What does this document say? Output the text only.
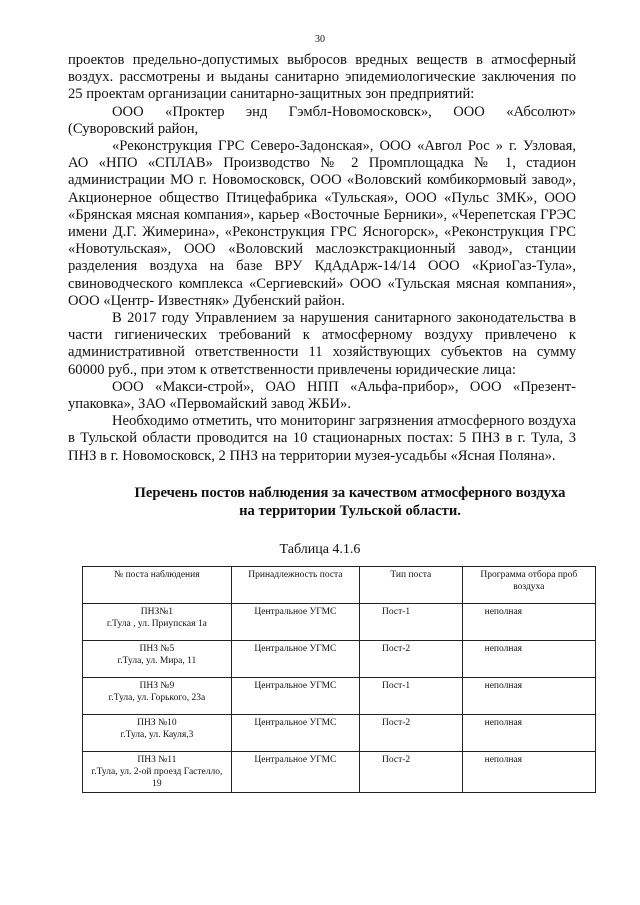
30

проектов предельно-допустимых выбросов вредных веществ в атмосферный воздух. рассмотрены и выданы санитарно эпидемиологические заключения по 25 проектам организации санитарно-защитных зон предприятий:

ООО «Проктер энд Гэмбл-Новомосковск», ООО «Абсолют» (Суворовский район,

«Реконструкция ГРС Северо-Задонская», ООО «Авгол Рос » г. Узловая, АО «НПО «СПЛАВ» Производство № 2 Промплощадка № 1, стадион администрации МО г. Новомосковск, ООО «Воловский комбикормовый завод», Акционерное общество Птицефабрика «Тульская», ООО «Пульс ЗМК», ООО «Брянская мясная компания», карьер «Восточные Берники», «Черепетская ГРЭС имени Д.Г. Жимерина», «Реконструкция ГРС Ясногорск», «Реконструкция ГРС «Новотульская», ООО «Воловский маслоэкстракционный завод», станции разделения воздуха на базе ВРУ КдАдАрж-14/14 ООО «КриоГаз-Тула», свиноводческого комплекса «Сергиевский» ООО «Тульская мясная компания», ООО «Центр- Известняк» Дубенский район.

В 2017 году Управлением за нарушения санитарного законодательства в части гигиенических требований к атмосферному воздуху привлечено к административной ответственности 11 хозяйствующих субъектов на сумму 60000 руб., при этом к ответственности привлечены юридические лица:

ООО «Макси-строй», ОАО НПП «Альфа-прибор», ООО «Презент-упаковка», ЗАО «Первомайский завод ЖБИ».

Необходимо отметить, что мониторинг загрязнения атмосферного воздуха в Тульской области проводится на 10 стационарных постах: 5 ПНЗ в г. Тула, 3 ПНЗ в г. Новомосковск, 2 ПНЗ на территории музея-усадьбы «Ясная Поляна».

Перечень постов наблюдения за качеством атмосферного воздуха
на территории Тульской области.
Таблица 4.1.6
№ поста наблюдения	Принадлежность поста	Тип поста	Программа отбора проб воздуха

ПНЗ№1
г.Тула , ул. Приупская 1а	Центральное УГМС	Пост-1	неполная

ПНЗ №5
г.Тула, ул. Мира, 11	Центральное УГМС	Пост-2	неполная

ПНЗ №9
г.Тула, ул. Горького, 23а	Центральное УГМС	Пост-1	неполная

ПНЗ №10
г.Тула, ул. Кауля,3	Центральное УГМС	Пост-2	неполная

ПНЗ №11
г.Тула, ул. 2-ой проезд Гастелло, 19	Центральное УГМС	Пост-2	неполная
